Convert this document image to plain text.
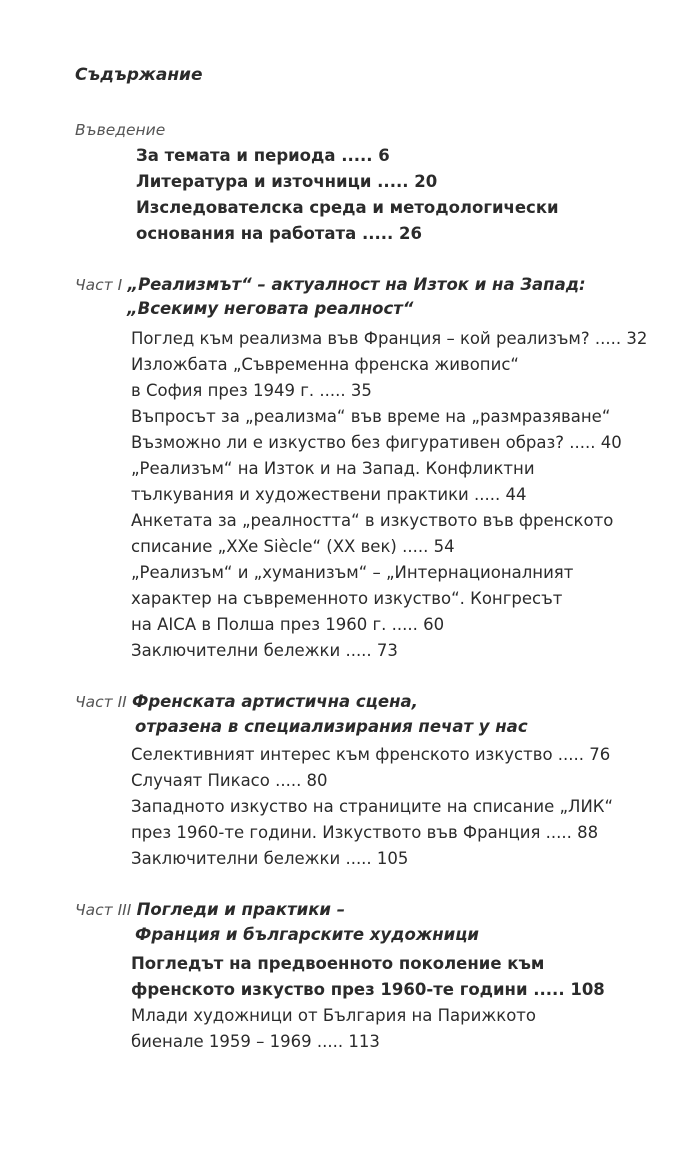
Съдържание
Въведение
За темата и периода ..... 6
Литература и източници ..... 20
Изследователска среда и методологически
основания на работата ..... 26
Част I „Реализмът“ – актуалност на Изток и на Запад:
„Всекиму неговата реалност“
Поглед към реализма във Франция – кой реализъм? ..... 32
Изложбата „Съвременна френска живопис“
в София през 1949 г. ..... 35
Въпросът за „реализма“ във време на „размразяване“
Възможно ли е изкуство без фигуративен образ? ..... 40
„Реализъм“ на Изток и на Запад. Конфликтни
тълкувания и художествени практики ..... 44
Анкетата за „реалността“ в изкуството във френското
списание „XXe Siècle“ (XX век) ..... 54
„Реализъм“ и „хуманизъм“ – „Интернационалният
характер на съвременното изкуство“. Конгресът
на AICA в Полша през 1960 г. ..... 60
Заключителни бележки ..... 73
Част II Френската артистична сцена,
отразена в специализирания печат у нас
Селективният интерес към френското изкуство ..... 76
Случаят Пикасо ..... 80
Западното изкуство на страниците на списание „ЛИК“
през 1960-те години. Изкуството във Франция ..... 88
Заключителни бележки ..... 105
Част III Погледи и практики –
Франция и българските художници
Погледът на предвоенното поколение към
френското изкуство през 1960-те години ..... 108
Млади художници от България на Парижкото
биенале 1959 – 1969 ..... 113
